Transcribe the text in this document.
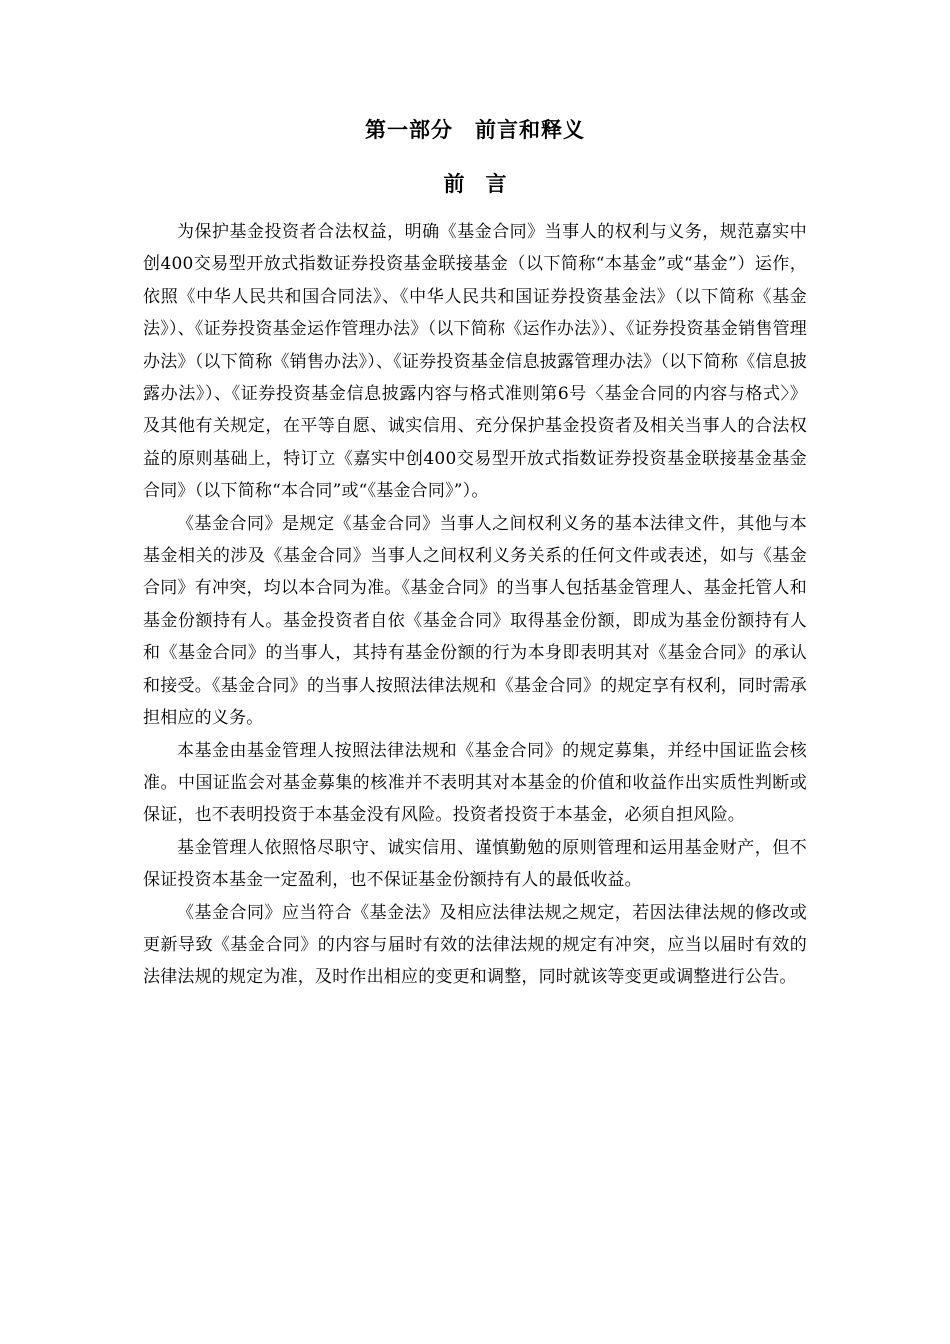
第一部分　前言和释义
前　言

为保护基金投资者合法权益，明确《基金合同》当事人的权利与义务，规范嘉实中创400交易型开放式指数证券投资基金联接基金（以下简称“本基金”或“基金”）运作，依照《中华人民共和国合同法》、《中华人民共和国证券投资基金法》（以下简称《基金法》）、《证券投资基金运作管理办法》（以下简称《运作办法》）、《证券投资基金销售管理办法》（以下简称《销售办法》）、《证券投资基金信息披露管理办法》（以下简称《信息披露办法》）、《证券投资基金信息披露内容与格式准则第6号〈基金合同的内容与格式〉》及其他有关规定，在平等自愿、诚实信用、充分保护基金投资者及相关当事人的合法权益的原则基础上，特订立《嘉实中创400交易型开放式指数证券投资基金联接基金基金合同》（以下简称“本合同”或“《基金合同》”）。

《基金合同》是规定《基金合同》当事人之间权利义务的基本法律文件，其他与本基金相关的涉及《基金合同》当事人之间权利义务关系的任何文件或表述，如与《基金合同》有冲突，均以本合同为准。《基金合同》的当事人包括基金管理人、基金托管人和基金份额持有人。基金投资者自依《基金合同》取得基金份额，即成为基金份额持有人和《基金合同》的当事人，其持有基金份额的行为本身即表明其对《基金合同》的承认和接受。《基金合同》的当事人按照法律法规和《基金合同》的规定享有权利，同时需承担相应的义务。

本基金由基金管理人按照法律法规和《基金合同》的规定募集，并经中国证监会核准。中国证监会对基金募集的核准并不表明其对本基金的价值和收益作出实质性判断或保证，也不表明投资于本基金没有风险。投资者投资于本基金，必须自担风险。

基金管理人依照恪尽职守、诚实信用、谨慎勤勉的原则管理和运用基金财产，但不保证投资本基金一定盈利，也不保证基金份额持有人的最低收益。

《基金合同》应当符合《基金法》及相应法律法规之规定，若因法律法规的修改或更新导致《基金合同》的内容与届时有效的法律法规的规定有冲突，应当以届时有效的法律法规的规定为准，及时作出相应的变更和调整，同时就该等变更或调整进行公告。
